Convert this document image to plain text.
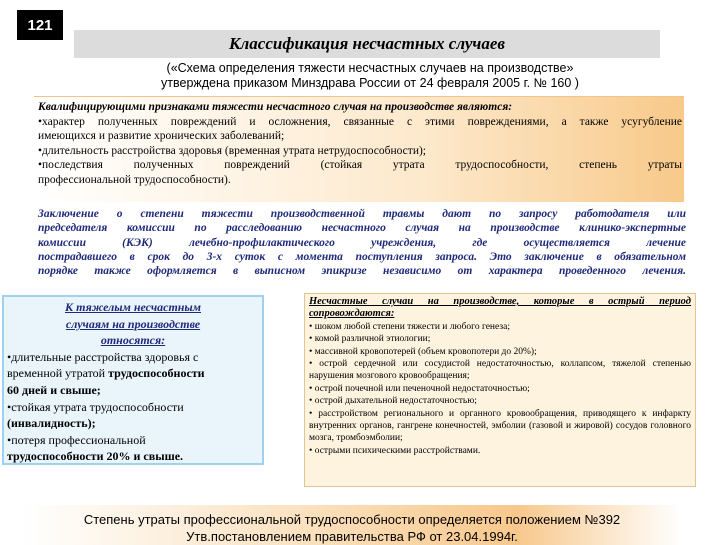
121
Классификация несчастных случаев
(«Схема определения тяжести несчастных случаев на производстве»
утверждена приказом Минздрава России от 24 февраля 2005 г. № 160 )
Квалифицирующими признаками тяжести несчастного случая на производстве являются:
•характер полученных повреждений и осложнения, связанные с этими повреждениями, а также усугубление
имеющихся и развитие хронических заболеваний;
•длительность расстройства здоровья (временная утрата нетрудоспособности);
•последствия полученных повреждений (стойкая утрата трудоспособности, степень утраты
профессиональной трудоспособности).
Заключение о степени тяжести производственной травмы дают по запросу работодателя или
председателя комиссии по расследованию несчастного случая на производстве клинико-экспертные
комиссии (КЭК) лечебно-профилактического учреждения, где осуществляется лечение
пострадавшего в срок до 3-х суток с момента поступления запроса. Это заключение в обязательном
порядке также оформляется в выписном эпикризе независимо от характера проведенного лечения.
К тяжелым несчастным
случаям на производстве
относятся:
•длительные расстройства здоровья с
временной утратой трудоспособности
60 дней и свыше;
•стойкая утрата трудоспособности
(инвалидность);
•потеря профессиональной
трудоспособности 20% и свыше.
Несчастные случаи на производстве, которые в острый период
сопровождаются:
• шоком любой степени тяжести и любого генеза;
• комой различной этиологии;
• массивной кровопотерей (объем кровопотери до 20%);
• острой сердечной или сосудистой недостаточностью, коллапсом, тяжелой степенью нарушения мозгового кровообращения;
• острой почечной или печеночной недостаточностью;
• острой дыхательной недостаточностью;
• расстройством регионального и органного кровообращения, приводящего к инфаркту внутренних органов, гангрене конечностей, эмболии (газовой и жировой) сосудов головного мозга, тромбоэмболии;
• острыми психическими расстройствами.
Степень утраты профессиональной трудоспособности определяется положением №392
Утв.постановлением правительства РФ от 23.04.1994г.
